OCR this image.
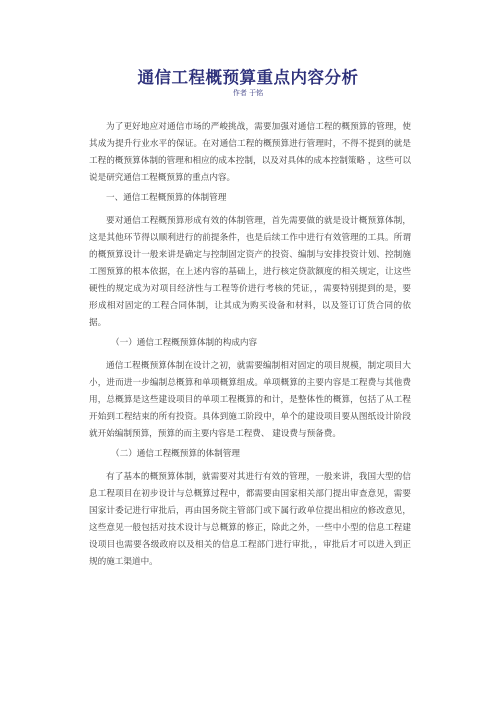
通信工程概预算重点内容分析
作者 于铭

为了更好地应对通信市场的严峻挑战，需要加强对通信工程的概预算的管理，使其成为提升行业水平的保证。在对通信工程的概预算进行管理时，不得不提到的就是工程的概预算体制的管理和相应的成本控制，以及对具体的成本控制策略 ，这些可以说是研究通信工程概预算的重点内容。

一、通信工程概预算的体制管理

要对通信工程概预算形成有效的体制管理，首先需要做的就是设计概预算体制，这是其他环节得以顺利进行的前提条件，也是后续工作中进行有效管理的工具。所谓的概预算设计一般来讲是确定与控制固定资产的投资、编制与安排投资计划、控制施工图预算的根本依据，在上述内容的基础上，进行核定贷款额度的相关规定，让这些硬性的规定成为对项目经济性与工程等价进行考核的凭证，，需要特别提到的是，要形成相对固定的工程合同体制，让其成为购买设备和材料，以及签订订货合同的依据。

（一）通信工程概预算体制的构成内容

通信工程概预算体制在设计之初，就需要编制相对固定的项目规模，制定项目大小，进而进一步编制总概算和单项概算组成。单项概算的主要内容是工程费与其他费用，总概算是这些建设项目的单项工程概算的和计，是整体性的概算，包括了从工程开始到工程结束的所有投资。具体到施工阶段中，单个的建设项目要从图纸设计阶段就开始编制预算，预算的而主要内容是工程费、 建设费与预备费。

（二）通信工程概预算的体制管理

有了基本的概预算体制，就需要对其进行有效的管理，一般来讲，我国大型的信息工程项目在初步设计与总概算过程中，都需要由国家相关部门提出审查意见，需要国家计委记进行审批后，再由国务院主管部门或下属行政单位提出相应的修改意见，这些意见一般包括对技术设计与总概算的修正，除此之外，一些中小型的信息工程建设项目也需要各级政府以及相关的信息工程部门进行审批，，审批后才可以进入到正规的施工渠道中。
